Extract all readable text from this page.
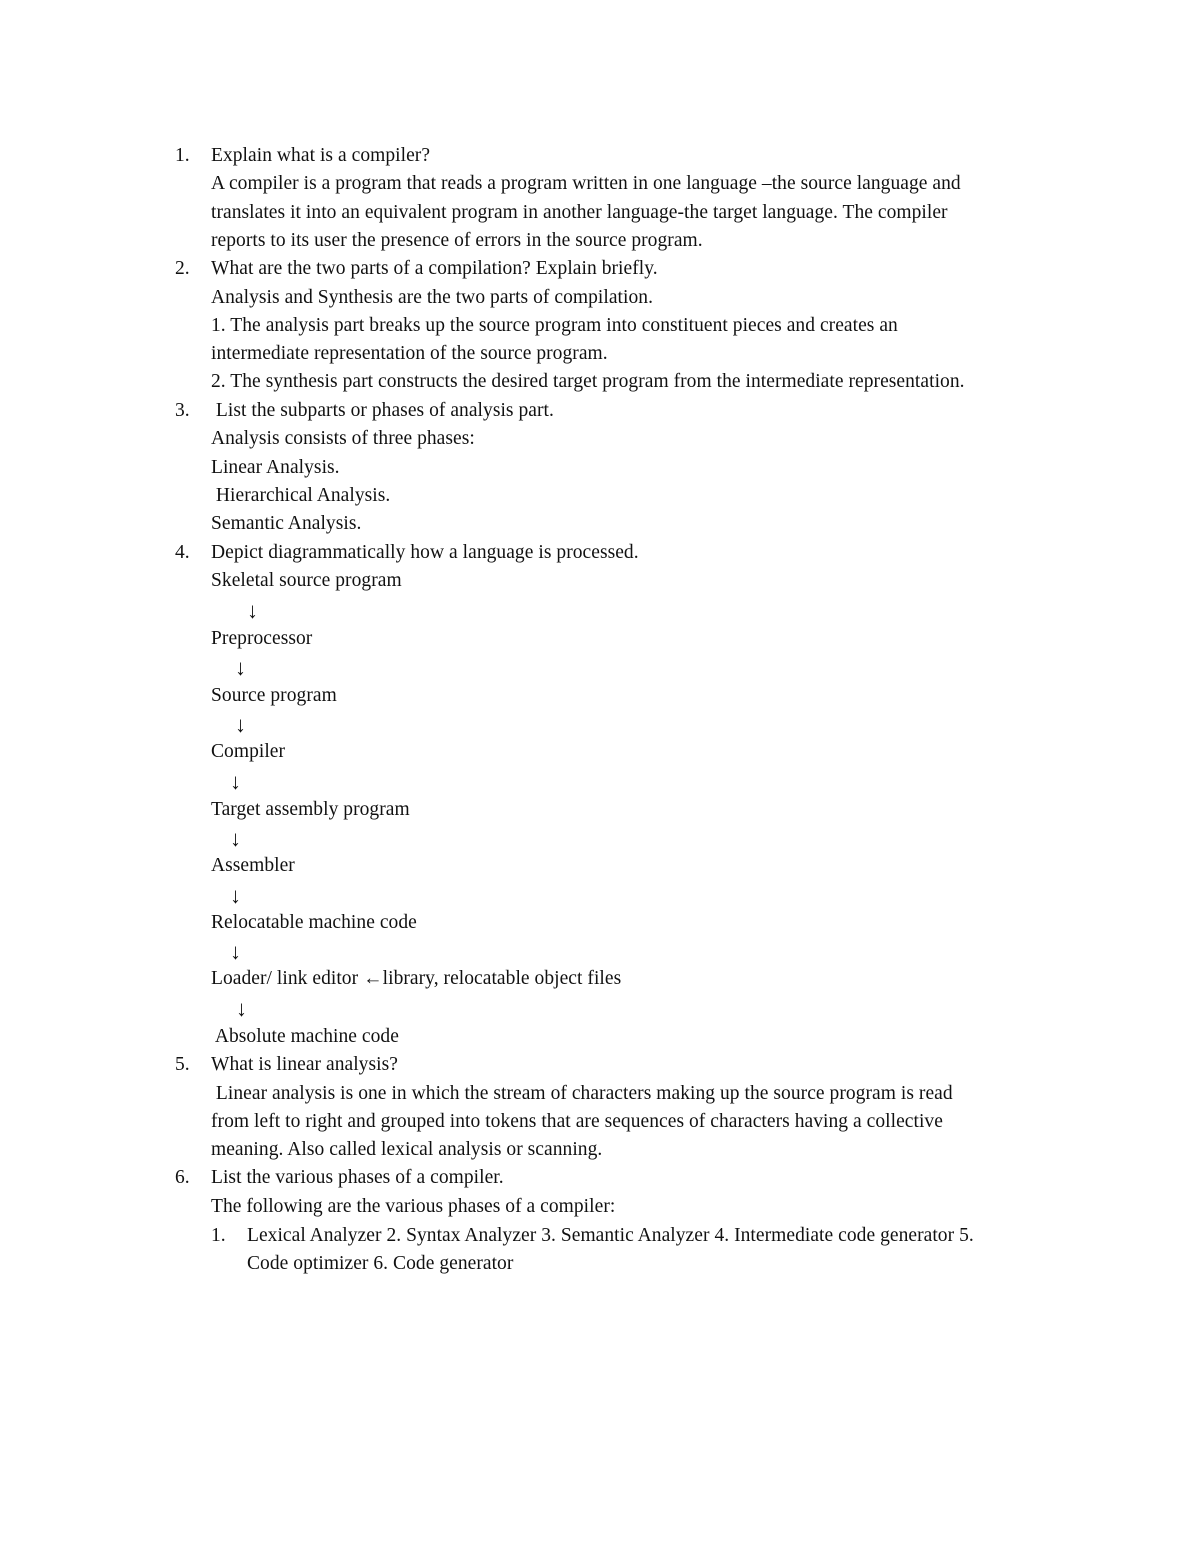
1. Explain what is a compiler?
A compiler is a program that reads a program written in one language –the source language and
translates it into an equivalent program in another language-the target language. The compiler
reports to its user the presence of errors in the source program.
2. What are the two parts of a compilation? Explain briefly.
Analysis and Synthesis are the two parts of compilation.
1. The analysis part breaks up the source program into constituent pieces and creates an
intermediate representation of the source program.
2. The synthesis part constructs the desired target program from the intermediate representation.
3. List the subparts or phases of analysis part.
Analysis consists of three phases:
Linear Analysis.
Hierarchical Analysis.
Semantic Analysis.
4. Depict diagrammatically how a language is processed.
Skeletal source program
↓
Preprocessor
↓
Source program
↓
Compiler
↓
Target assembly program
↓
Assembler
↓
Relocatable machine code
↓
Loader/ link editor ←library, relocatable object files
↓
Absolute machine code
5. What is linear analysis?
Linear analysis is one in which the stream of characters making up the source program is read
from left to right and grouped into tokens that are sequences of characters having a collective
meaning. Also called lexical analysis or scanning.
6. List the various phases of a compiler.
The following are the various phases of a compiler:
1. Lexical Analyzer 2. Syntax Analyzer 3. Semantic Analyzer 4. Intermediate code generator 5.
Code optimizer 6. Code generator
